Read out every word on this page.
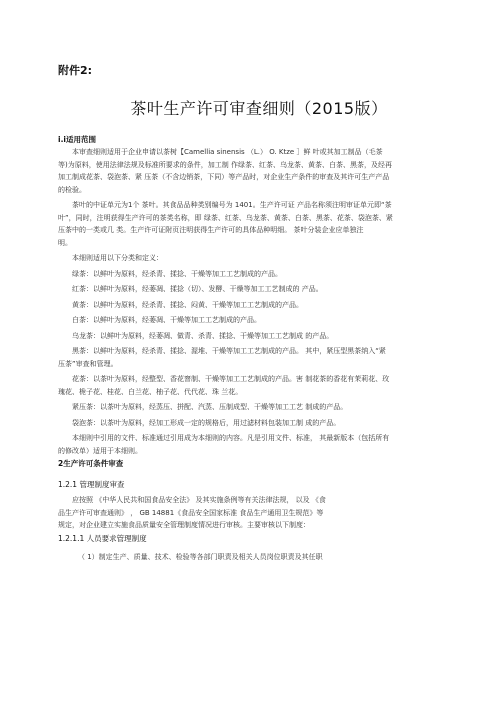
附件2:
茶叶生产许可审查细则（2015版）
i.i适用范围
本审查细则适用于企业申请以茶树【Camellia sinensis （L.） O. Ktze ］鲜 叶或其加工制品（毛茶
等)为原料，使用法律法规及标准所要求的条件，加工制 作绿茶、红茶、乌龙茶、黄茶、白茶、黑茶，及经再
加工制成花茶、袋泡茶、紧 压茶（不含边销茶，下同）等产品时，对企业生产条件的审查及其许可生产产品
的检验。
茶叶的中证单元为1个 茶叶。其食品品种类别编号为 1401。生产许可证 产品名称须注明审证单元即“茶
叶”，同时，注明获得生产许可的茶类名称，即 绿茶、红茶、乌龙茶、黄茶、白茶、黑茶、花茶、袋泡茶、紧
压茶中的一类或几 类。生产许可证附页注明获得生产许可的具体品种明细。 茶叶分装企业应单独注
明。
本细则适用以下分类和定义：
绿茶：以鲜叶为原料，经杀青、揉捻、干燥等加工工艺制成的产品。
红茶：以鲜叶为原料，经萎凋、揉捻（切）、发酵、干燥等加工工艺制成的 产品。
黄茶：以鲜叶为原料，经杀青、揉捻、闷黄、干燥等加工工艺制成的产品。
白茶：以鲜叶为原料，经萎凋、干燥等加工工艺制成的产品。
乌龙茶：以鲜叶为原料，经萎凋、做青、杀青、揉捻、干燥等加工工艺制成 的产品。
黑茶：以鲜叶为原料，经杀青、揉捻、渥堆、干燥等加工工艺制成的产品。 其中，紧压型黑茶纳入“紧
压茶”审查和管理。
花茶：以茶叶为原料，经整型、香花窨制、干燥等加工工艺制成的产品。害 制花茶的香花有茉莉花、玫
瑰花、桅子花、桂花、白兰花、柚子花、代代花、珠 兰花。
紧压茶：以茶叶为原料，经蒸压、拼配、汽蒸、压制成型、干燥等加工工艺 制成的产品。
袋泡茶：以茶叶为原料，经加工形成一定的规格后，用过滤材料包装加工制 成的产品。
本细则中引用的文件、标准通过引用成为本细则的内容。凡是引用文件、标准， 其最新版本（包括所有
的修改单）适用于本细则。
2生产许可条件审查
1.2.1 管理制度审查
应按照 《中华人民共和国食品安全法》 及其实施条例等有关法律法规， 以及 《食
品生产许可审查通则》 ， GB 14881《食品安全国家标准 食品生产通用卫生规范》等
规定，对企业建立实施食品质量安全管理制度情况进行审核。主要审核以下制度：
1.2.1.1 人员要求管理制度
（ 1）制定生产、质量、技术、检验等各部门职责及相关人员岗位职责及其任职
